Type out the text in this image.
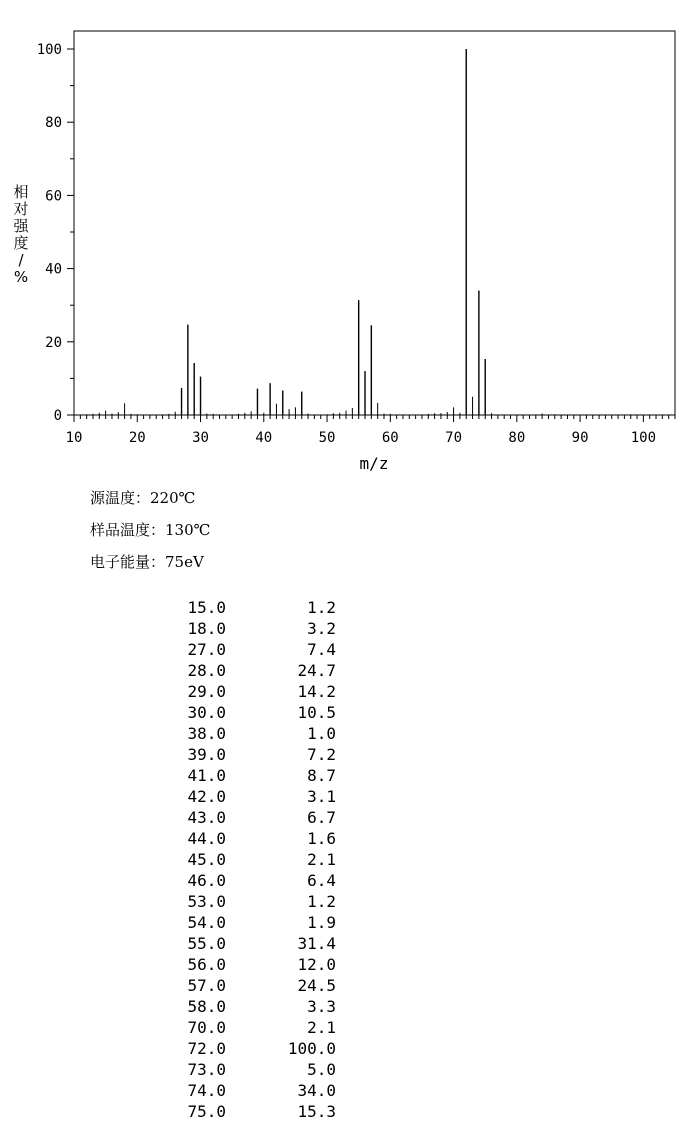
10	20	30	40	50	60	70	80	90	100
0
20
40
60
80
100
m/z
相
对
强
度
/
%
源温度：220℃
样品温度：130℃
电子能量：75eV
15.0	1.2
18.0	3.2
27.0	7.4
28.0	24.7
29.0	14.2
30.0	10.5
38.0	1.0
39.0	7.2
41.0	8.7
42.0	3.1
43.0	6.7
44.0	1.6
45.0	2.1
46.0	6.4
53.0	1.2
54.0	1.9
55.0	31.4
56.0	12.0
57.0	24.5
58.0	3.3
70.0	2.1
72.0	100.0
73.0	5.0
74.0	34.0
75.0	15.3
